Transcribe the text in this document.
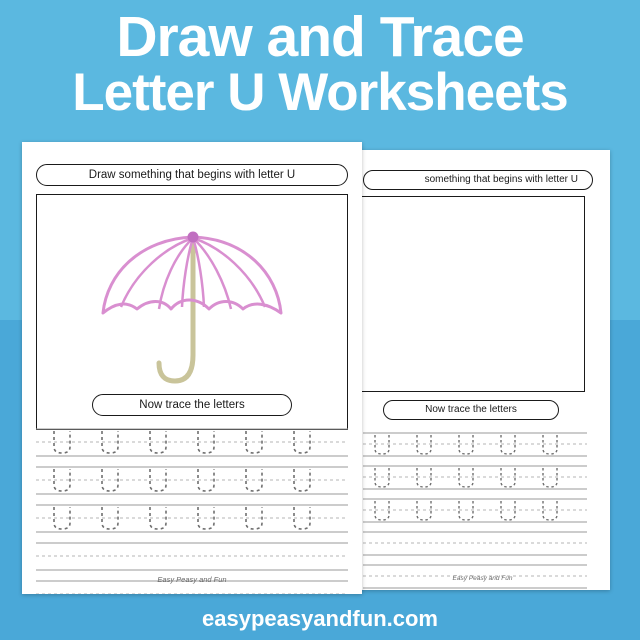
Draw and Trace
Letter U Worksheets
something that begins with letter U
Now trace the letters

Easy Peasy and Fun
Draw something that begins with letter U
Now trace the letters

Easy Peasy and Fun
easypeasyandfun.com
